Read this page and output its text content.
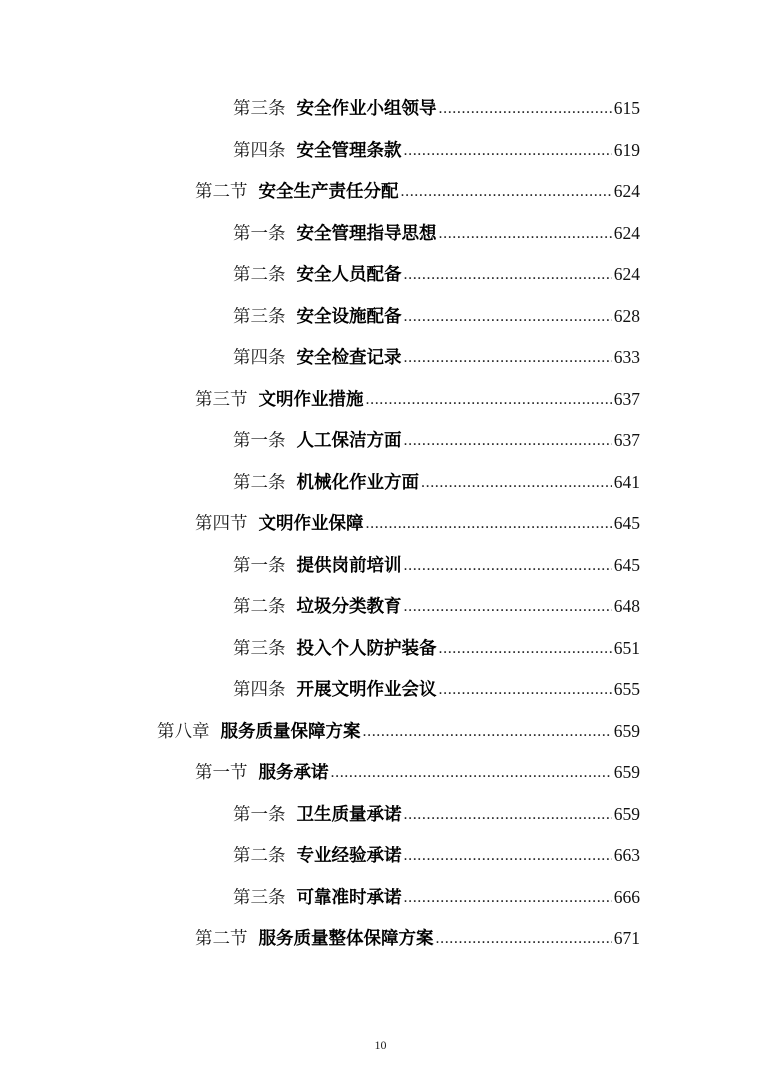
第三条 安全作业小组领导 .....	615
第四条 安全管理条款 .....	619
第二节 安全生产责任分配 .....	624
第一条 安全管理指导思想 .....	624
第二条 安全人员配备 .....	624
第三条 安全设施配备 .....	628
第四条 安全检查记录 .....	633
第三节 文明作业措施 .....	637
第一条 人工保洁方面 .....	637
第二条 机械化作业方面 .....	641
第四节 文明作业保障 .....	645
第一条 提供岗前培训 .....	645
第二条 垃圾分类教育 .....	648
第三条 投入个人防护装备 .....	651
第四条 开展文明作业会议 .....	655
第八章 服务质量保障方案 .....	659
第一节 服务承诺 .....	659
第一条 卫生质量承诺 .....	659
第二条 专业经验承诺 .....	663
第三条 可靠准时承诺 .....	666
第二节 服务质量整体保障方案 .....	671
10
